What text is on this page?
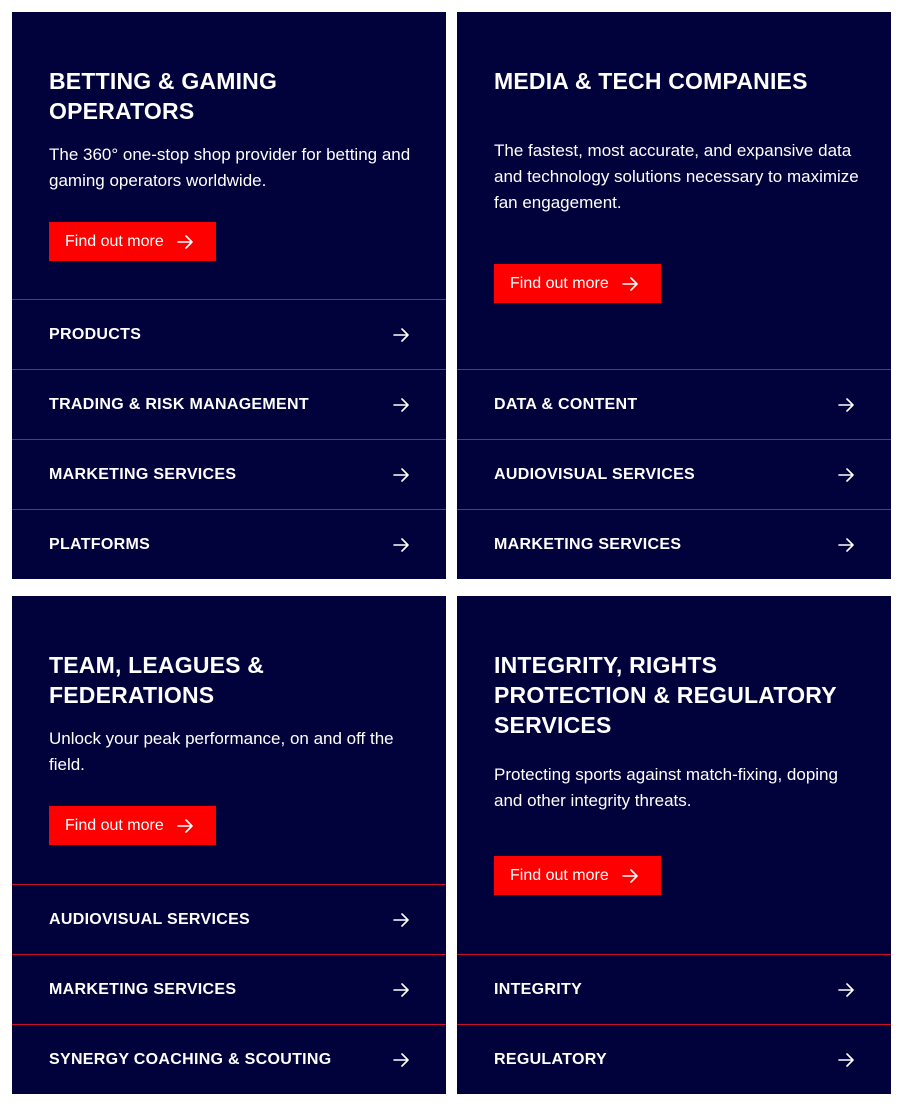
BETTING & GAMING
OPERATORS

The 360° one-stop shop provider for betting and gaming operators worldwide.

Find out more
PRODUCTS
TRADING & RISK MANAGEMENT
MARKETING SERVICES
PLATFORMS
MEDIA & TECH COMPANIES

The fastest, most accurate, and expansive data and technology solutions necessary to maximize fan engagement.

Find out more
DATA & CONTENT
AUDIOVISUAL SERVICES
MARKETING SERVICES
TEAM, LEAGUES &
FEDERATIONS

Unlock your peak performance, on and off the field.

Find out more
AUDIOVISUAL SERVICES
MARKETING SERVICES
SYNERGY COACHING & SCOUTING
INTEGRITY, RIGHTS
PROTECTION & REGULATORY
SERVICES

Protecting sports against match-fixing, doping and other integrity threats.

Find out more
INTEGRITY
REGULATORY
